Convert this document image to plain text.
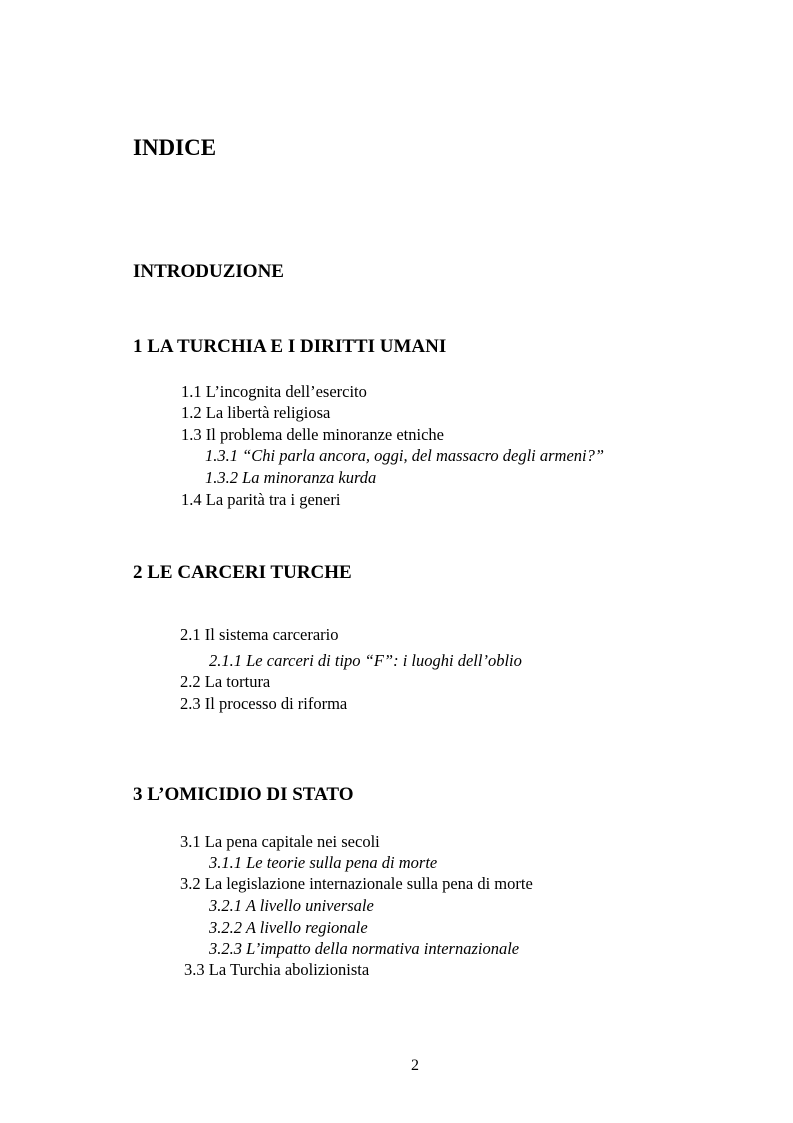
INDICE

INTRODUZIONE

1 LA TURCHIA E I DIRITTI UMANI

1.1 L’incognita dell’esercito

1.2 La libertà religiosa

1.3 Il problema delle minoranze etniche

1.3.1 “Chi parla ancora, oggi, del massacro degli armeni?”

1.3.2 La minoranza kurda

1.4 La parità tra i generi

2 LE CARCERI TURCHE

2.1 Il sistema carcerario

2.1.1 Le carceri di tipo “F”: i luoghi dell’oblio

2.2 La tortura

2.3 Il processo di riforma

3 L’OMICIDIO DI STATO

3.1 La pena capitale nei secoli

3.1.1 Le teorie sulla pena di morte

3.2 La legislazione internazionale sulla pena di morte

3.2.1 A livello universale

3.2.2 A livello regionale

3.2.3 L’impatto della normativa internazionale

3.3 La Turchia abolizionista

2
